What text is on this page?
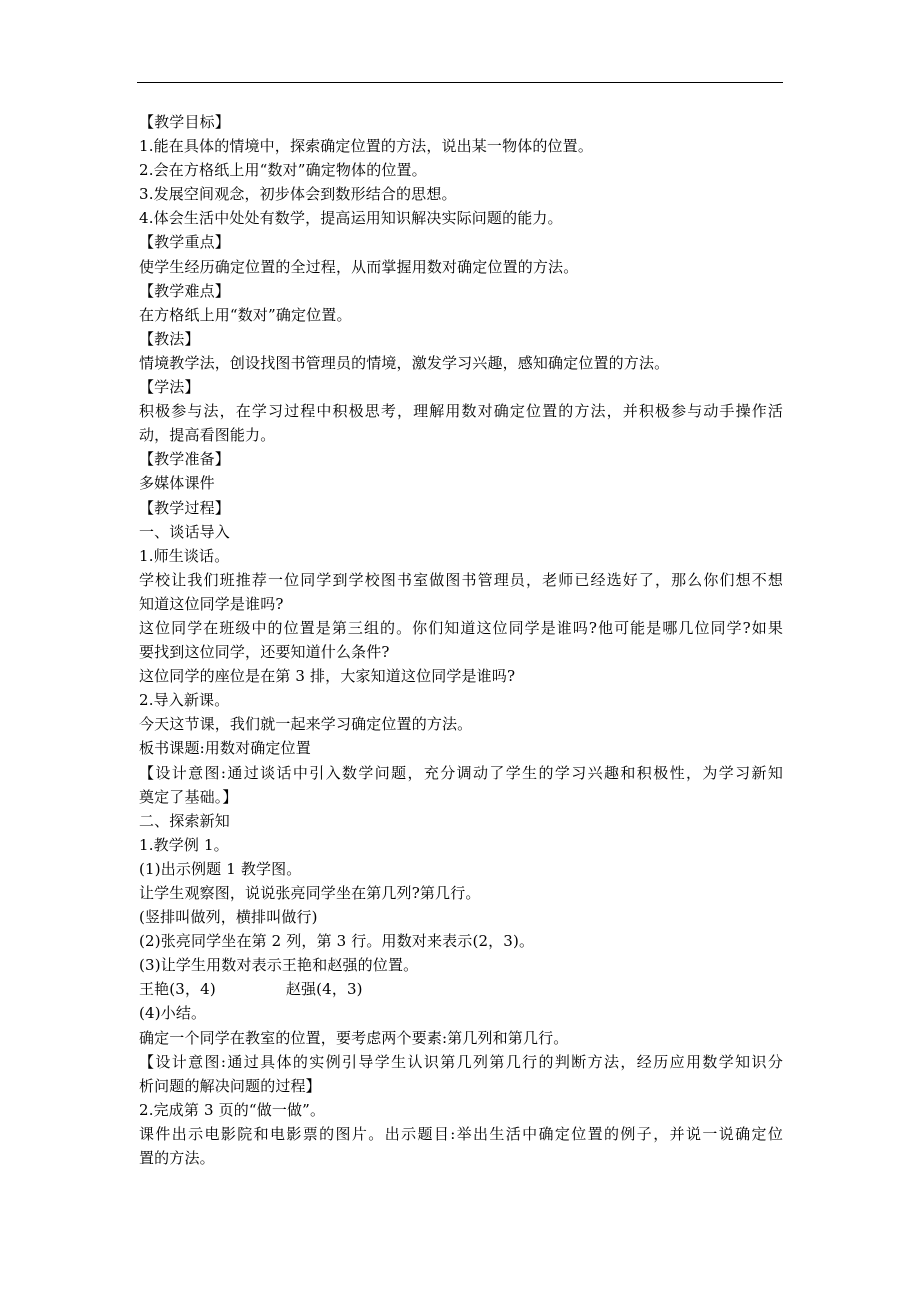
【教学目标】
1.能在具体的情境中，探索确定位置的方法，说出某一物体的位置。
2.会在方格纸上用“数对”确定物体的位置。
3.发展空间观念，初步体会到数形结合的思想。
4.体会生活中处处有数学，提高运用知识解决实际问题的能力。
【教学重点】
使学生经历确定位置的全过程，从而掌握用数对确定位置的方法。
【教学难点】
在方格纸上用“数对”确定位置。
【教法】
情境教学法，创设找图书管理员的情境，激发学习兴趣，感知确定位置的方法。
【学法】
积极参与法，在学习过程中积极思考，理解用数对确定位置的方法，并积极参与动手操作活
动，提高看图能力。
【教学准备】
多媒体课件
【教学过程】
一、谈话导入
1.师生谈话。
学校让我们班推荐一位同学到学校图书室做图书管理员，老师已经选好了，那么你们想不想
知道这位同学是谁吗?
这位同学在班级中的位置是第三组的。你们知道这位同学是谁吗?他可能是哪几位同学?如果
要找到这位同学，还要知道什么条件?
这位同学的座位是在第 3 排，大家知道这位同学是谁吗?
2.导入新课。
今天这节课，我们就一起来学习确定位置的方法。
板书课题:用数对确定位置
【设计意图:通过谈话中引入数学问题，充分调动了学生的学习兴趣和积极性，为学习新知
奠定了基础。】
二、探索新知
1.教学例 1。
(1)出示例题 1 教学图。
让学生观察图，说说张亮同学坐在第几列?第几行。
(竖排叫做列，横排叫做行)
(2)张亮同学坐在第 2 列，第 3 行。用数对来表示(2，3)。
(3)让学生用数对表示王艳和赵强的位置。
王艳(3，4)	赵强(4，3)
(4)小结。
确定一个同学在教室的位置，要考虑两个要素:第几列和第几行。
【设计意图:通过具体的实例引导学生认识第几列第几行的判断方法，经历应用数学知识分
析问题的解决问题的过程】
2.完成第 3 页的“做一做”。
课件出示电影院和电影票的图片。出示题目:举出生活中确定位置的例子，并说一说确定位
置的方法。
